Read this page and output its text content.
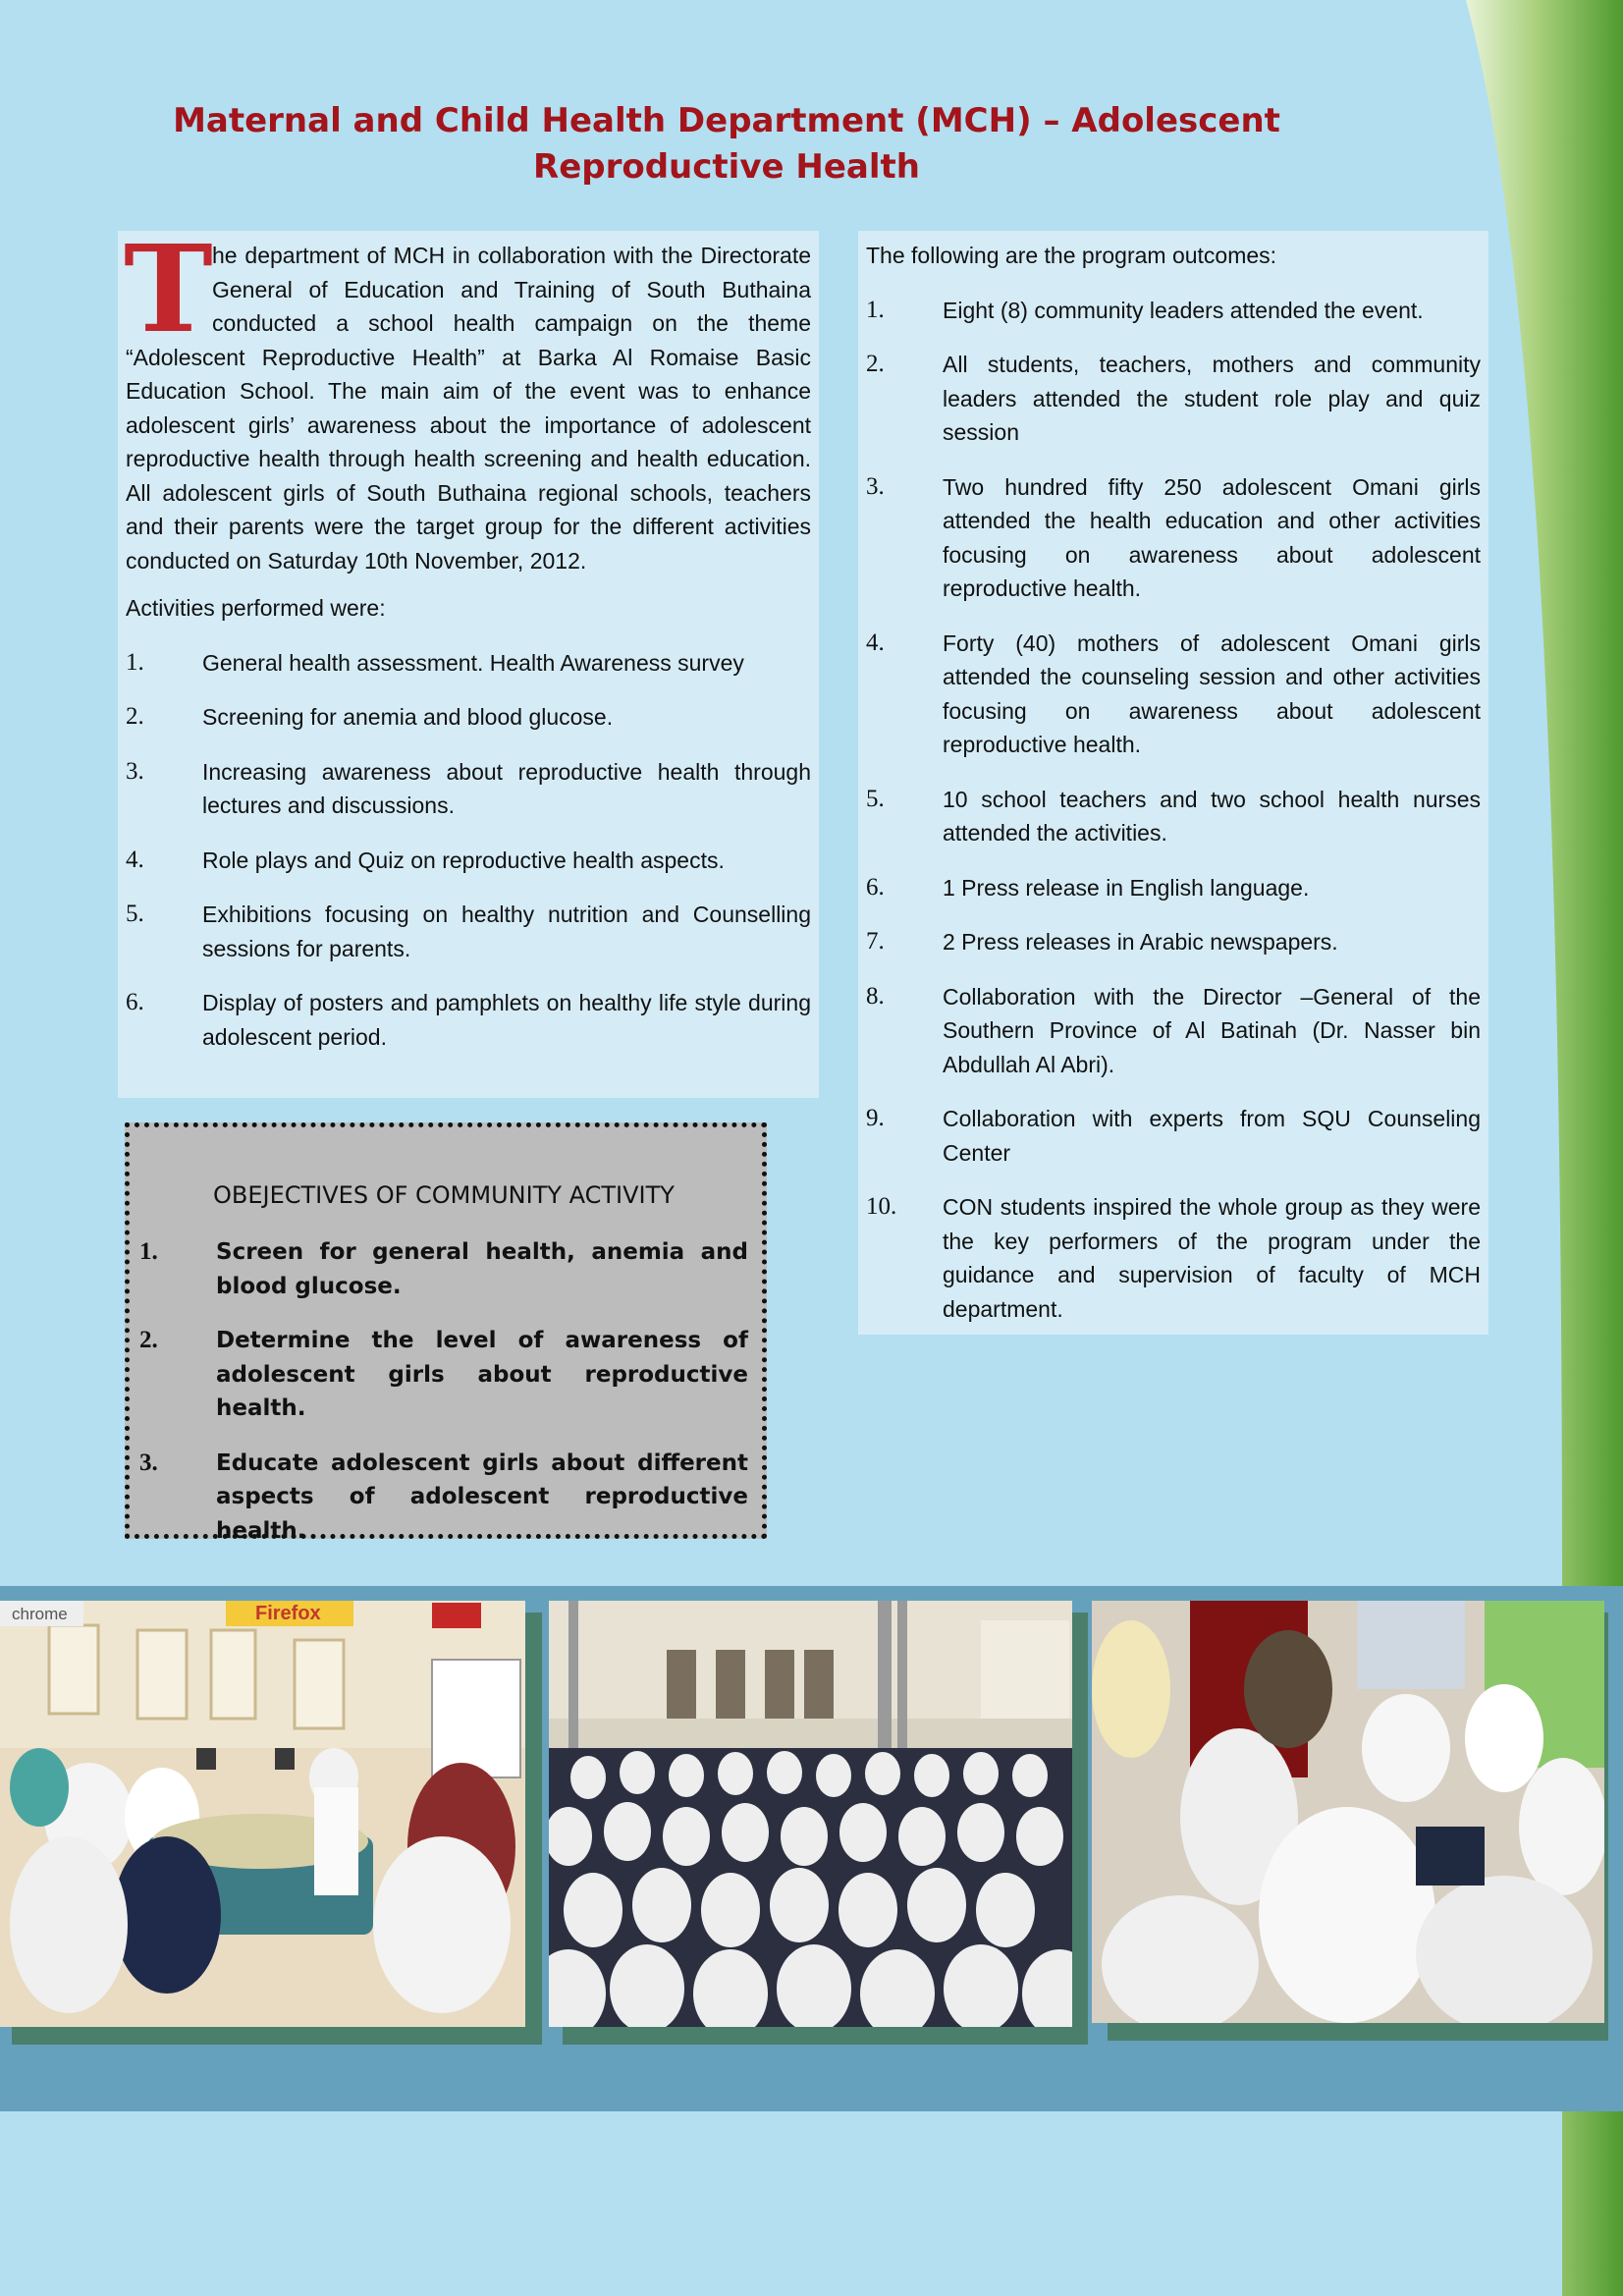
Maternal and Child Health Department (MCH) – Adolescent Reproductive Health

The department of MCH in collaboration with the Directorate General of Education and Training of South Buthaina conducted a school health campaign on the theme “Adolescent Reproductive Health” at Barka Al Romaise Basic Education School. The main aim of the event was to enhance adolescent girls’ awareness about the importance of adolescent reproductive health through health screening and health education. All adolescent girls of South Buthaina regional schools, teachers and their parents were the target group for the different activities conducted on Saturday 10th November, 2012.

Activities performed were:

1.	General health assessment. Health Awareness survey
2.	Screening for anemia and blood glucose.
3.	Increasing awareness about reproductive health through lectures and discussions.
4.	Role plays and Quiz on reproductive health aspects.
5.	Exhibitions focusing on healthy nutrition and Counselling sessions for parents.
6.	Display of posters and pamphlets on healthy life style during adolescent period.
OBEJECTIVES OF COMMUNITY ACTIVITY
1.	Screen for general health, anemia and blood glucose.
2.	Determine the level of awareness of adolescent girls about reproductive health.
3.	Educate adolescent girls about different aspects of adolescent reproductive health.

The following are the program outcomes:

1.	Eight (8) community leaders attended the event.
2.	All students, teachers, mothers and community leaders attended the student role play and quiz session
3.	Two hundred fifty 250 adolescent Omani girls attended the health education and other activities focusing on awareness about adolescent reproductive health.
4.	Forty (40) mothers of adolescent Omani girls attended the counseling session and other activities focusing on awareness about adolescent reproductive health.
5.	10 school teachers and two school health nurses attended the activities.
6.	1 Press release in English language.
7.	2 Press releases in Arabic newspapers.
8.	Collaboration with the Director –General of the Southern Province of Al Batinah (Dr. Nasser bin Abdullah Al Abri).
9.	Collaboration with experts from SQU Counseling Center
10. CON students inspired the whole group as they were the key performers of the program under the guidance and supervision of faculty of MCH department.
chrome	Firefox
